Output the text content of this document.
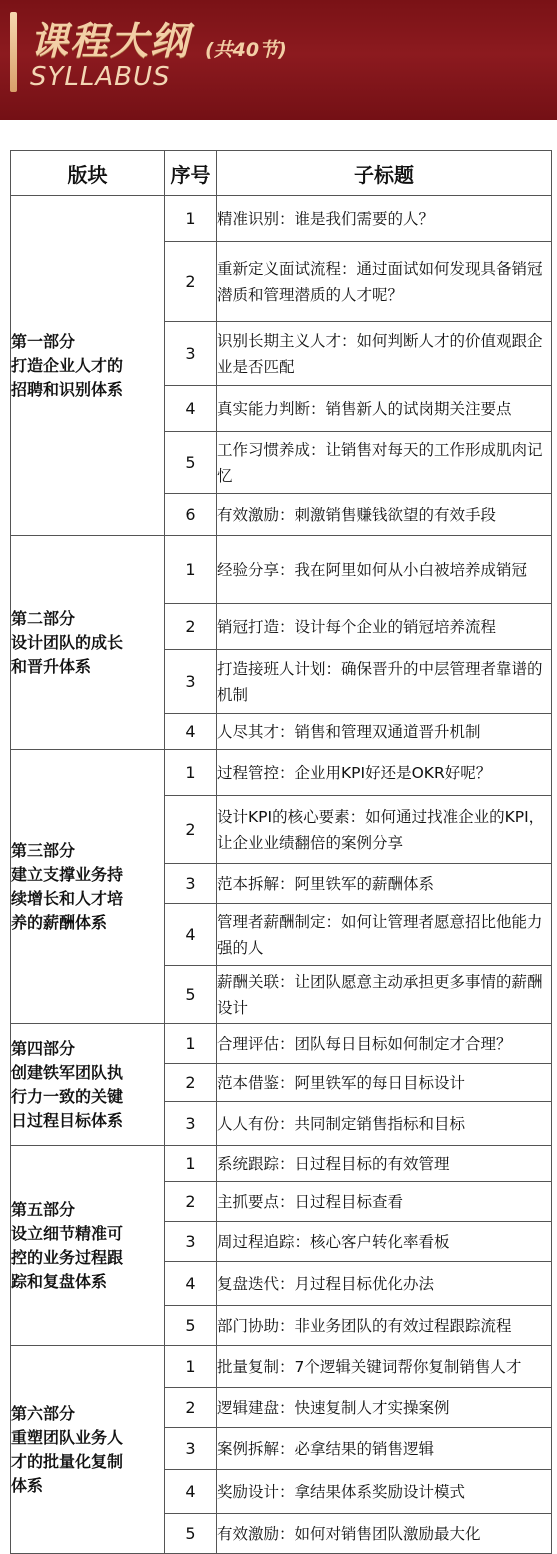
课程大纲 (共40节)
SYLLABUS
版块	序号	子标题

第一部分
打造企业人才的
招聘和识别体系	1	精准识别：谁是我们需要的人？
	2	重新定义面试流程：通过面试如何发现具备销冠潜质和管理潜质的人才呢？
	3	识别长期主义人才：如何判断人才的价值观跟企业是否匹配
	4	真实能力判断：销售新人的试岗期关注要点
	5	工作习惯养成：让销售对每天的工作形成肌肉记忆
	6	有效激励：刺激销售赚钱欲望的有效手段

第二部分
设计团队的成长
和晋升体系	1	经验分享：我在阿里如何从小白被培养成销冠
	2	销冠打造：设计每个企业的销冠培养流程
	3	打造接班人计划：确保晋升的中层管理者靠谱的机制
	4	人尽其才：销售和管理双通道晋升机制

第三部分
建立支撑业务持
续增长和人才培
养的薪酬体系	1	过程管控：企业用KPI好还是OKR好呢？
	2	设计KPI的核心要素：如何通过找准企业的KPI，让企业业绩翻倍的案例分享
	3	范本拆解：阿里铁军的薪酬体系
	4	管理者薪酬制定：如何让管理者愿意招比他能力强的人
	5	薪酬关联：让团队愿意主动承担更多事情的薪酬设计

第四部分
创建铁军团队执
行力一致的关键
日过程目标体系	1	合理评估：团队每日目标如何制定才合理？
	2	范本借鉴：阿里铁军的每日目标设计
	3	人人有份：共同制定销售指标和目标

第五部分
设立细节精准可
控的业务过程跟
踪和复盘体系	1	系统跟踪：日过程目标的有效管理
	2	主抓要点：日过程目标查看
	3	周过程追踪：核心客户转化率看板
	4	复盘迭代：月过程目标优化办法
	5	部门协助：非业务团队的有效过程跟踪流程

第六部分
重塑团队业务人
才的批量化复制
体系	1	批量复制：7个逻辑关键词帮你复制销售人才
	2	逻辑建盘：快速复制人才实操案例
	3	案例拆解：必拿结果的销售逻辑
	4	奖励设计：拿结果体系奖励设计模式
	5	有效激励：如何对销售团队激励最大化
